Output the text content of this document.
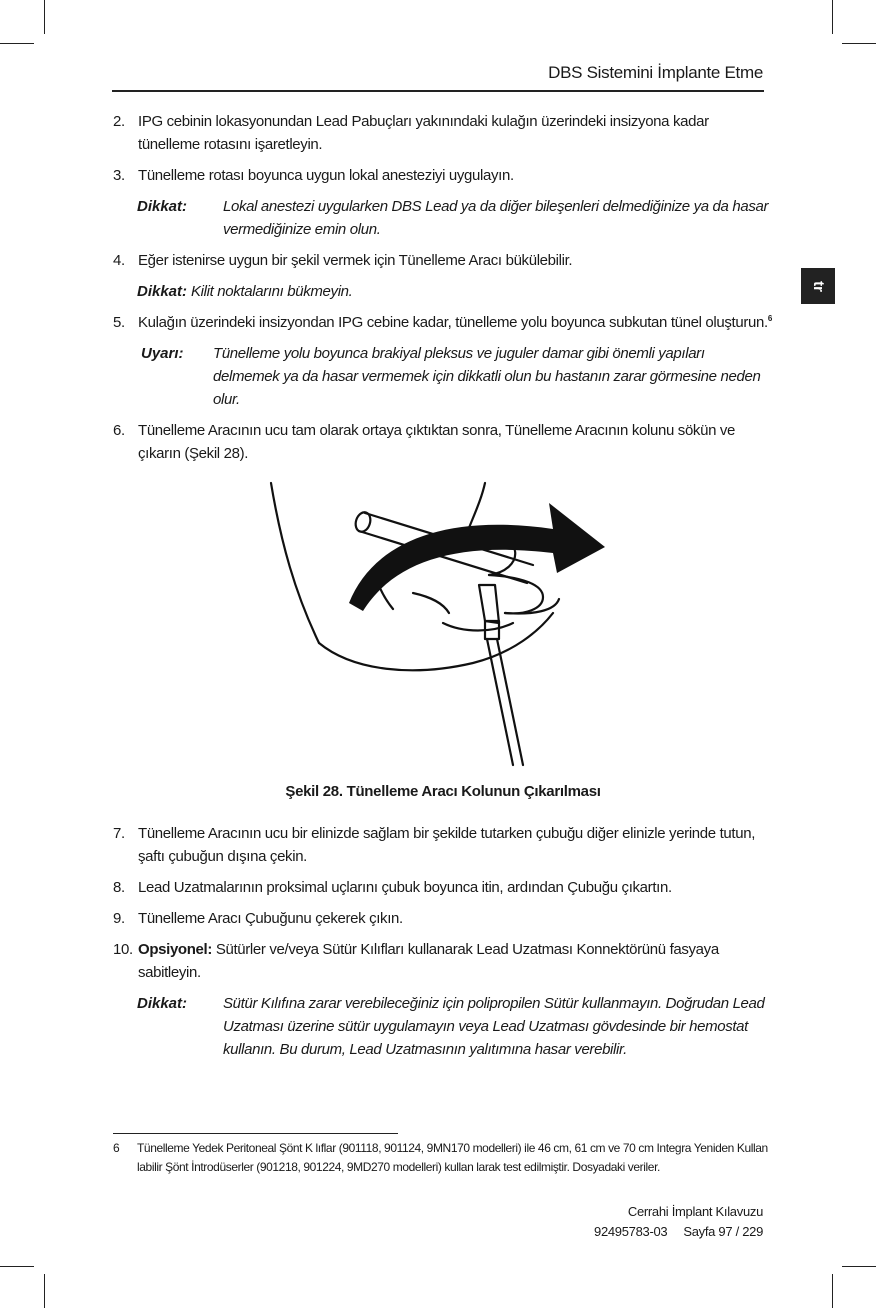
DBS Sistemini İmplante Etme
tr
2. IPG cebinin lokasyonundan Lead Pabuçları yakınındaki kulağın üzerindeki insizyona kadar tünelleme rotasını işaretleyin.
3. Tünelleme rotası boyunca uygun lokal anesteziyi uygulayın.
Dikkat:	Lokal anestezi uygularken DBS Lead ya da diğer bileşenleri delmediğinize ya da hasar vermediğinize emin olun.
4. Eğer istenirse uygun bir şekil vermek için Tünelleme Aracı bükülebilir.
Dikkat: Kilit noktalarını bükmeyin.
5. Kulağın üzerindeki insizyondan IPG cebine kadar, tünelleme yolu boyunca subkutan tünel oluşturun.$^6$
Uyarı:	Tünelleme yolu boyunca brakiyal pleksus ve juguler damar gibi önemli yapıları delmemek ya da hasar vermemek için dikkatli olun bu hastanın zarar görmesine neden olur.
6. Tünelleme Aracının ucu tam olarak ortaya çıktıktan sonra, Tünelleme Aracının kolunu sökün ve çıkarın (Şekil 28).
Şekil 28. Tünelleme Aracı Kolunun Çıkarılması
7. Tünelleme Aracının ucu bir elinizde sağlam bir şekilde tutarken çubuğu diğer elinizle yerinde tutun, şaftı çubuğun dışına çekin.
8. Lead Uzatmalarının proksimal uçlarını çubuk boyunca itin, ardından Çubuğu çıkartın.
9. Tünelleme Aracı Çubuğunu çekerek çıkın.
10. Opsiyonel: Sütürler ve/veya Sütür Kılıfları kullanarak Lead Uzatması Konnektörünü fasyaya sabitleyin.
Dikkat:	Sütür Kılıfına zarar verebileceğiniz için polipropilen Sütür kullanmayın. Doğrudan Lead Uzatması üzerine sütür uygulamayın veya Lead Uzatması gövdesinde bir hemostat kullanın. Bu durum, Lead Uzatmasının yalıtımına hasar verebilir.
6	Tünelleme Yedek Peritoneal Şönt K lıflar (901118, 901124, 9MN170 modelleri) ile 46 cm, 61 cm ve 70 cm Integra Yeniden Kullan labilir Şönt İntrodüserler (901218, 901224, 9MD270 modelleri) kullan larak test edilmiştir. Dosyadaki veriler.
Cerrahi İmplant Kılavuzu
92495783-03 Sayfa 97 / 229
